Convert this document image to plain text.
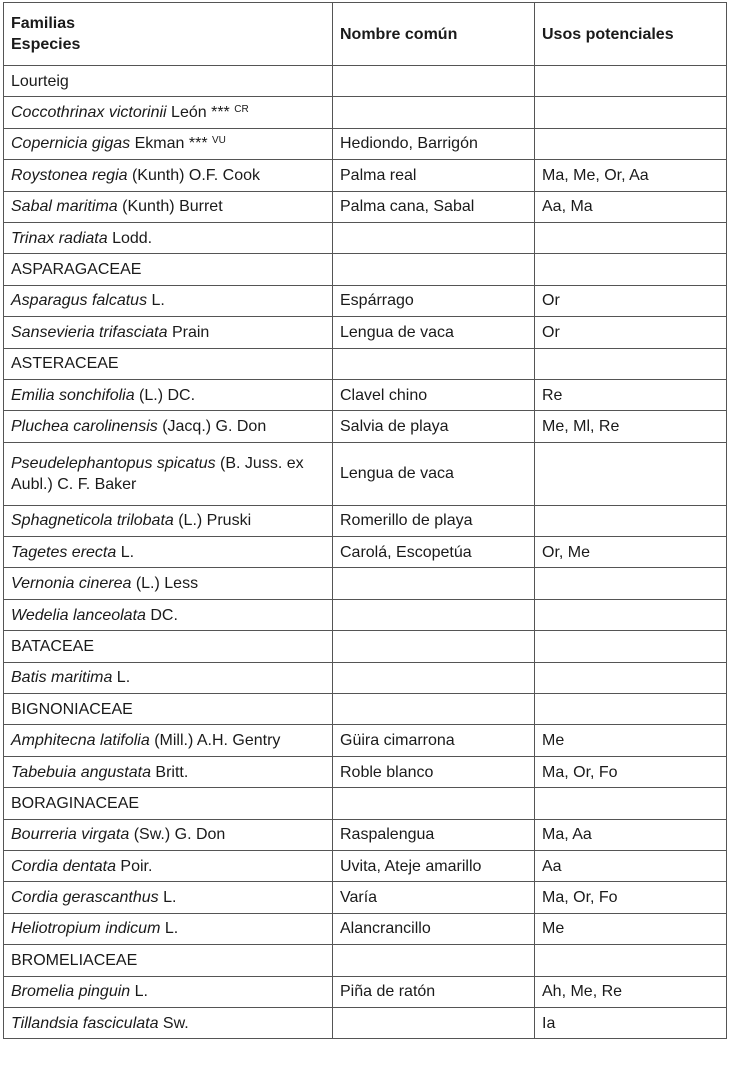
Familias
Especies	Nombre común	Usos potenciales
Lourteig		
Coccothrinax victorinii León *** $^{CR}$		
Copernicia gigas Ekman *** $^{VU}$	Hediondo, Barrigón	
Roystonea regia (Kunth) O.F. Cook	Palma real	Ma, Me, Or, Aa
Sabal maritima (Kunth) Burret	Palma cana, Sabal	Aa, Ma
Trinax radiata Lodd.		
ASPARAGACEAE		
Asparagus falcatus L.	Espárrago	Or
Sansevieria trifasciata Prain	Lengua de vaca	Or
ASTERACEAE		
Emilia sonchifolia (L.) DC.	Clavel chino	Re
Pluchea carolinensis (Jacq.) G. Don	Salvia de playa	Me, Ml, Re
Pseudelephantopus spicatus (B. Juss. ex Aubl.) C. F. Baker	Lengua de vaca	
Sphagneticola trilobata (L.) Pruski	Romerillo de playa	
Tagetes erecta L.	Carolá, Escopetúa	Or, Me
Vernonia cinerea (L.) Less		
Wedelia lanceolata DC.		
BATACEAE		
Batis maritima L.		
BIGNONIACEAE		
Amphitecna latifolia (Mill.) A.H. Gentry	Güira cimarrona	Me
Tabebuia angustata Britt.	Roble blanco	Ma, Or, Fo
BORAGINACEAE		
Bourreria virgata (Sw.) G. Don	Raspalengua	Ma, Aa
Cordia dentata Poir.	Uvita, Ateje amarillo	Aa
Cordia gerascanthus L.	Varía	Ma, Or, Fo
Heliotropium indicum L.	Alancrancillo	Me
BROMELIACEAE		
Bromelia pinguin L.	Piña de ratón	Ah, Me, Re
Tillandsia fasciculata Sw.		Ia
